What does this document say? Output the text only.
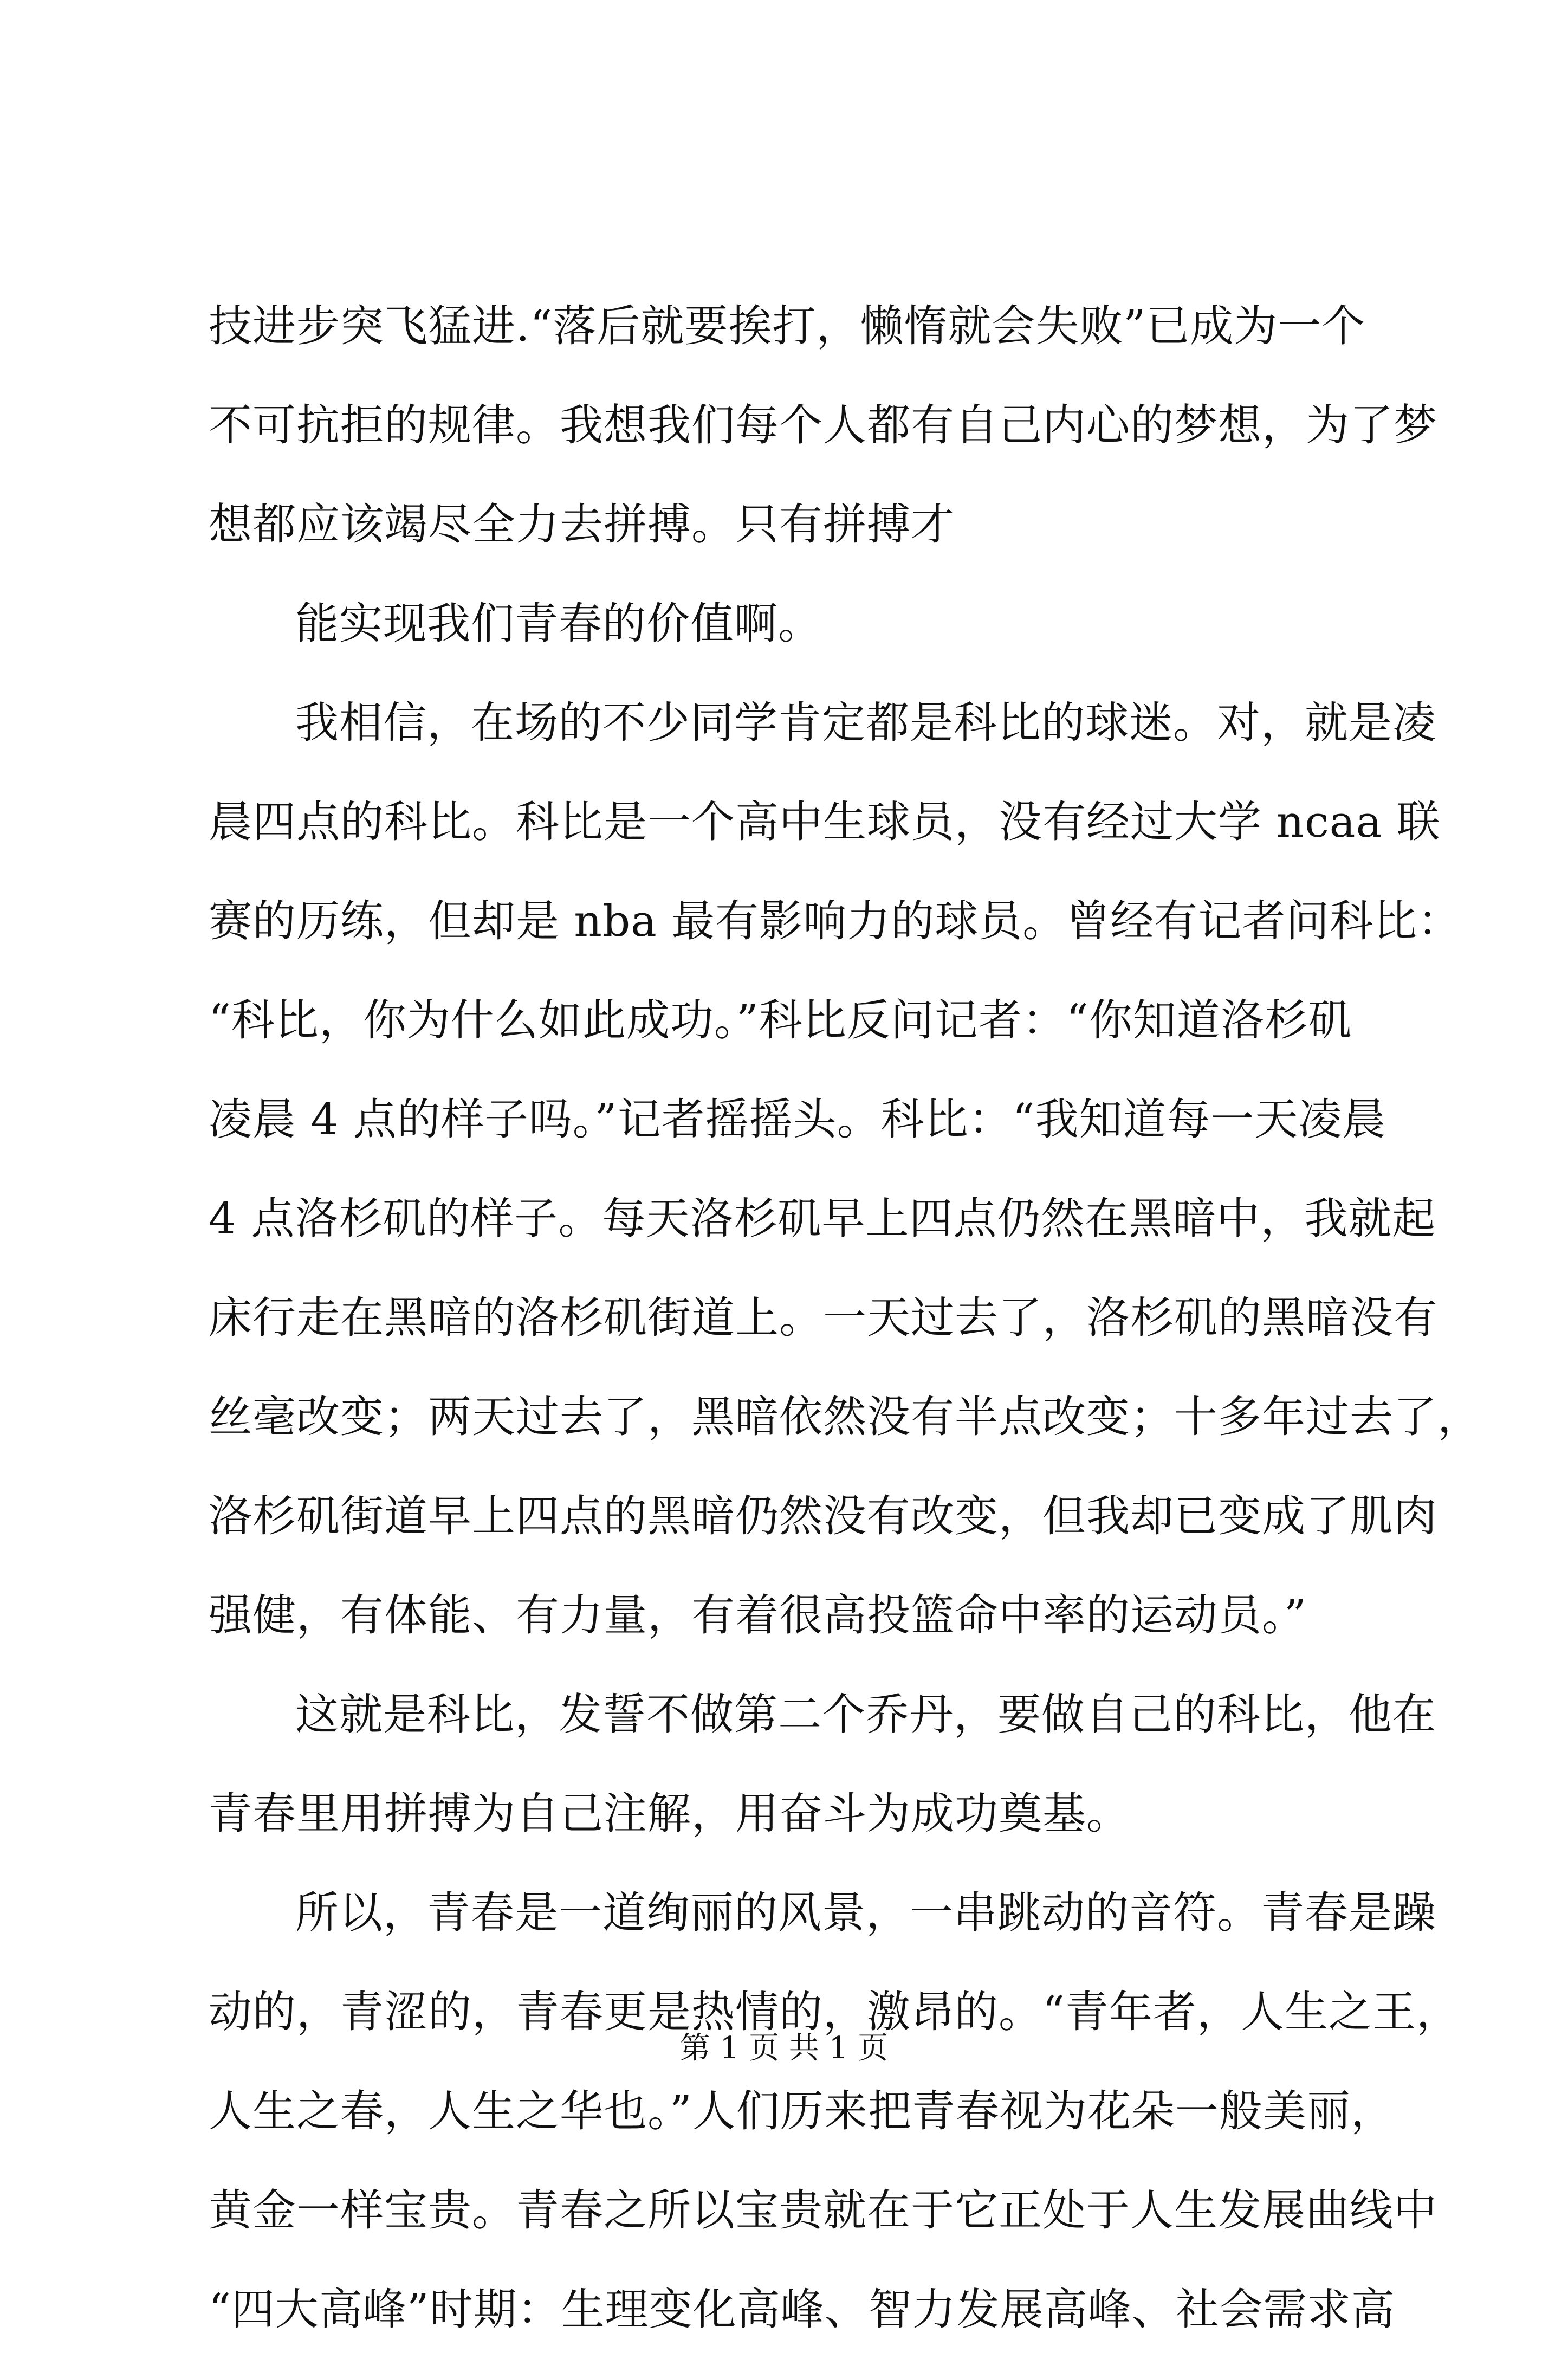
技进步突飞猛进.“落后就要挨打，懒惰就会失败”已成为一个
不可抗拒的规律。我想我们每个人都有自己内心的梦想，为了梦
想都应该竭尽全力去拼搏。只有拼搏才
能实现我们青春的价值啊。
我相信，在场的不少同学肯定都是科比的球迷。对，就是凌
晨四点的科比。科比是一个高中生球员，没有经过大学 ncaa 联
赛的历练，但却是 nba 最有影响力的球员。曾经有记者问科比：
“科比，你为什么如此成功。”科比反问记者：“你知道洛杉矶
凌晨 4 点的样子吗。”记者摇摇头。科比：“我知道每一天凌晨
4 点洛杉矶的样子。每天洛杉矶早上四点仍然在黑暗中，我就起
床行走在黑暗的洛杉矶街道上。一天过去了，洛杉矶的黑暗没有
丝毫改变；两天过去了，黑暗依然没有半点改变；十多年过去了，
洛杉矶街道早上四点的黑暗仍然没有改变，但我却已变成了肌肉
强健，有体能、有力量，有着很高投篮命中率的运动员。”
这就是科比，发誓不做第二个乔丹，要做自己的科比，他在
青春里用拼搏为自己注解，用奋斗为成功奠基。
所以，青春是一道绚丽的风景，一串跳动的音符。青春是躁
动的，青涩的，青春更是热情的，激昂的。“青年者，人生之王，
人生之春，人生之华也。”人们历来把青春视为花朵一般美丽，
黄金一样宝贵。青春之所以宝贵就在于它正处于人生发展曲线中
“四大高峰”时期：生理变化高峰、智力发展高峰、社会需求高
第 1 页 共 1 页
